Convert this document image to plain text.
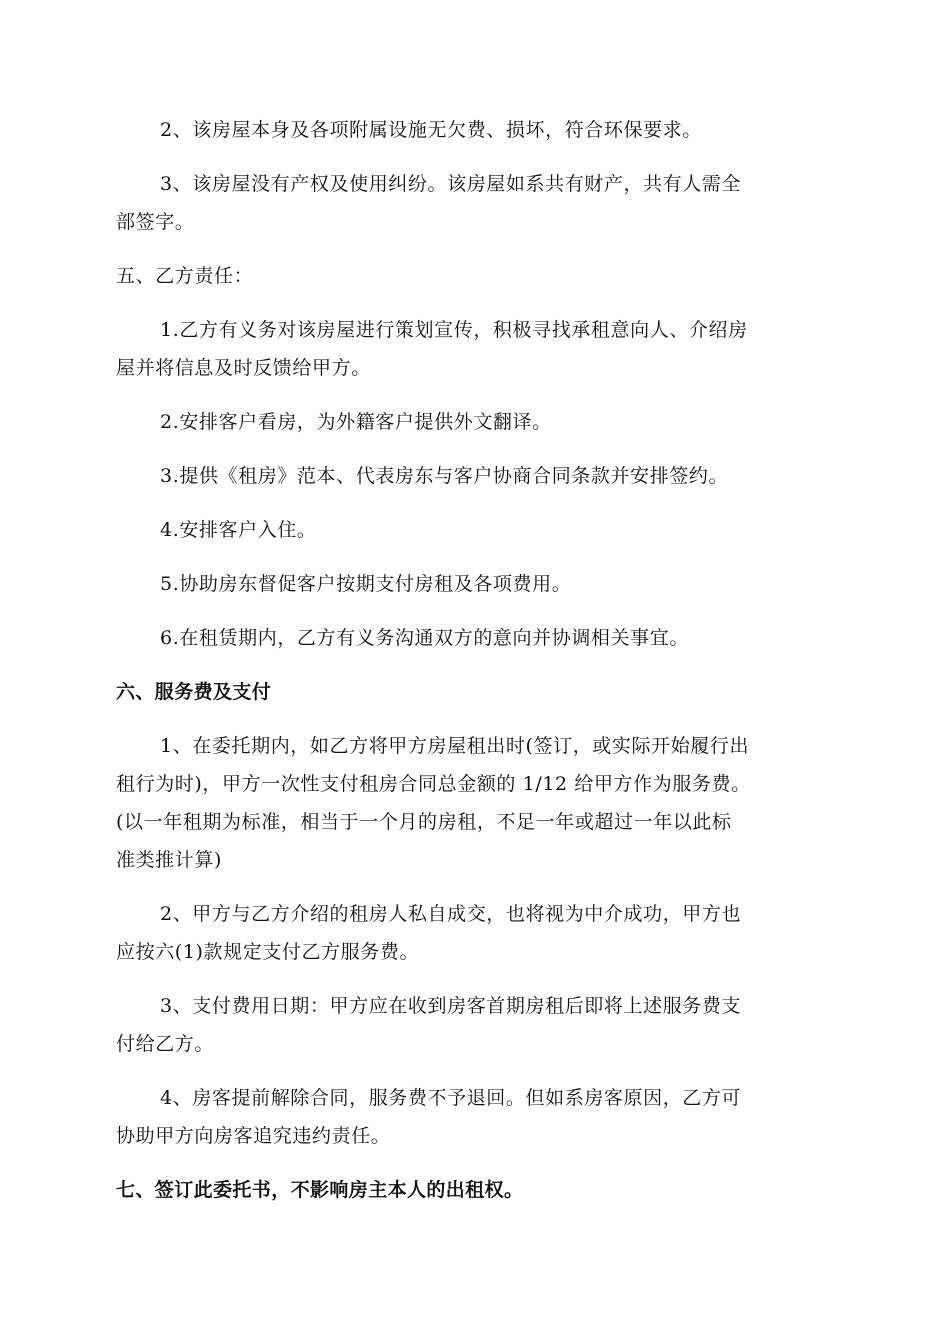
2、该房屋本身及各项附属设施无欠费、损坏，符合环保要求。
3、该房屋没有产权及使用纠纷。该房屋如系共有财产，共有人需全
部签字。
五、乙方责任：
1.乙方有义务对该房屋进行策划宣传，积极寻找承租意向人、介绍房
屋并将信息及时反馈给甲方。
2.安排客户看房，为外籍客户提供外文翻译。
3.提供《租房》范本、代表房东与客户协商合同条款并安排签约。
4.安排客户入住。
5.协助房东督促客户按期支付房租及各项费用。
6.在租赁期内，乙方有义务沟通双方的意向并协调相关事宜。
六、服务费及支付
1、在委托期内，如乙方将甲方房屋租出时(签订，或实际开始履行出
租行为时)，甲方一次性支付租房合同总金额的 1/12 给甲方作为服务费。
(以一年租期为标准，相当于一个月的房租，不足一年或超过一年以此标
准类推计算)
2、甲方与乙方介绍的租房人私自成交，也将视为中介成功，甲方也
应按六(1)款规定支付乙方服务费。
3、支付费用日期：甲方应在收到房客首期房租后即将上述服务费支
付给乙方。
4、房客提前解除合同，服务费不予退回。但如系房客原因，乙方可
协助甲方向房客追究违约责任。
七、签订此委托书，不影响房主本人的出租权。
